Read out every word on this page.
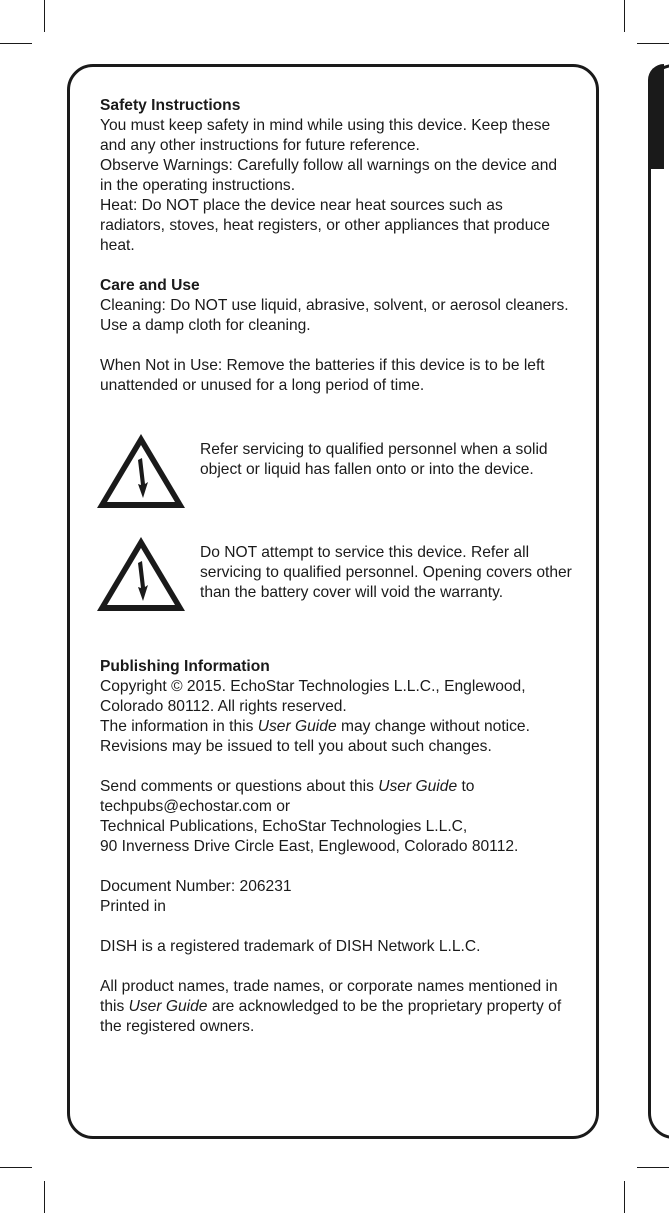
Safety Instructions

You must keep safety in mind while using this device. Keep these and any other instructions for future reference.

Observe Warnings: Carefully follow all warnings on the device and in the operating instructions.

Heat: Do NOT place the device near heat sources such as radiators, stoves, heat registers, or other appliances that produce heat.

Care and Use

Cleaning: Do NOT use liquid, abrasive, solvent, or aerosol cleaners. Use a damp cloth for cleaning.

When Not in Use: Remove the batteries if this device is to be left unattended or unused for a long period of time.

Refer servicing to qualified personnel when a solid object or liquid has fallen onto or into the device.

Do NOT attempt to service this device. Refer all servicing to qualified personnel. Opening covers other than the battery cover will void the warranty.

Publishing Information

Copyright © 2015. EchoStar Technologies L.L.C., Englewood, Colorado 80112. All rights reserved.

The information in this User Guide may change without notice. Revisions may be issued to tell you about such changes.

Send comments or questions about this User Guide to

techpubs@echostar.com or

Technical Publications, EchoStar Technologies L.L.C,

90 Inverness Drive Circle East, Englewood, Colorado 80112.

Document Number: 206231

Printed in

DISH is a registered trademark of DISH Network L.L.C.

All product names, trade names, or corporate names mentioned in this User Guide are acknowledged to be the proprietary property of the registered owners.
